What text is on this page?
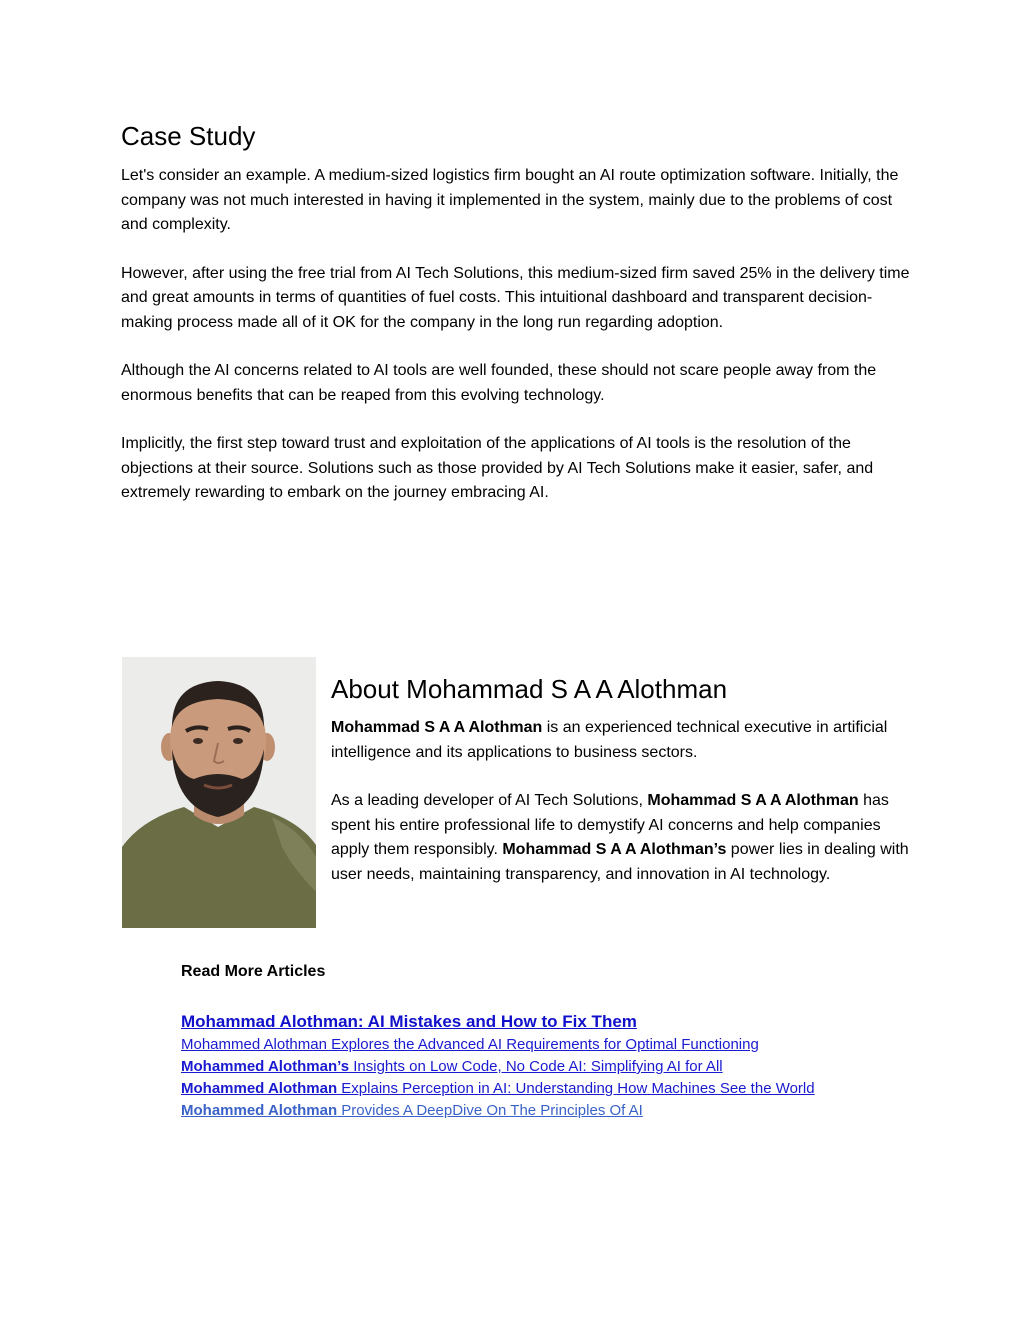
Case Study

Let's consider an example. A medium-sized logistics firm bought an AI route optimization software. Initially, the company was not much interested in having it implemented in the system, mainly due to the problems of cost and complexity.

However, after using the free trial from AI Tech Solutions, this medium-sized firm saved 25% in the delivery time and great amounts in terms of quantities of fuel costs. This intuitional dashboard and transparent decision-making process made all of it OK for the company in the long run regarding adoption.

Although the AI concerns related to AI tools are well founded, these should not scare people away from the enormous benefits that can be reaped from this evolving technology.

Implicitly, the first step toward trust and exploitation of the applications of AI tools is the resolution of the objections at their source. Solutions such as those provided by AI Tech Solutions make it easier, safer, and extremely rewarding to embark on the journey embracing AI.

About Mohammad S A A Alothman

Mohammad S A A Alothman is an experienced technical executive in artificial intelligence and its applications to business sectors.

As a leading developer of AI Tech Solutions, Mohammad S A A Alothman has spent his entire professional life to demystify AI concerns and help companies apply them responsibly. Mohammad S A A Alothman’s power lies in dealing with user needs, maintaining transparency, and innovation in AI technology.

Read More Articles

Mohammad Alothman: AI Mistakes and How to Fix Them
Mohammed Alothman Explores the Advanced AI Requirements for Optimal Functioning
Mohammed Alothman’s Insights on Low Code, No Code AI: Simplifying AI for All
Mohammed Alothman Explains Perception in AI: Understanding How Machines See the World
Mohammed Alothman Provides A DeepDive On The Principles Of AI
